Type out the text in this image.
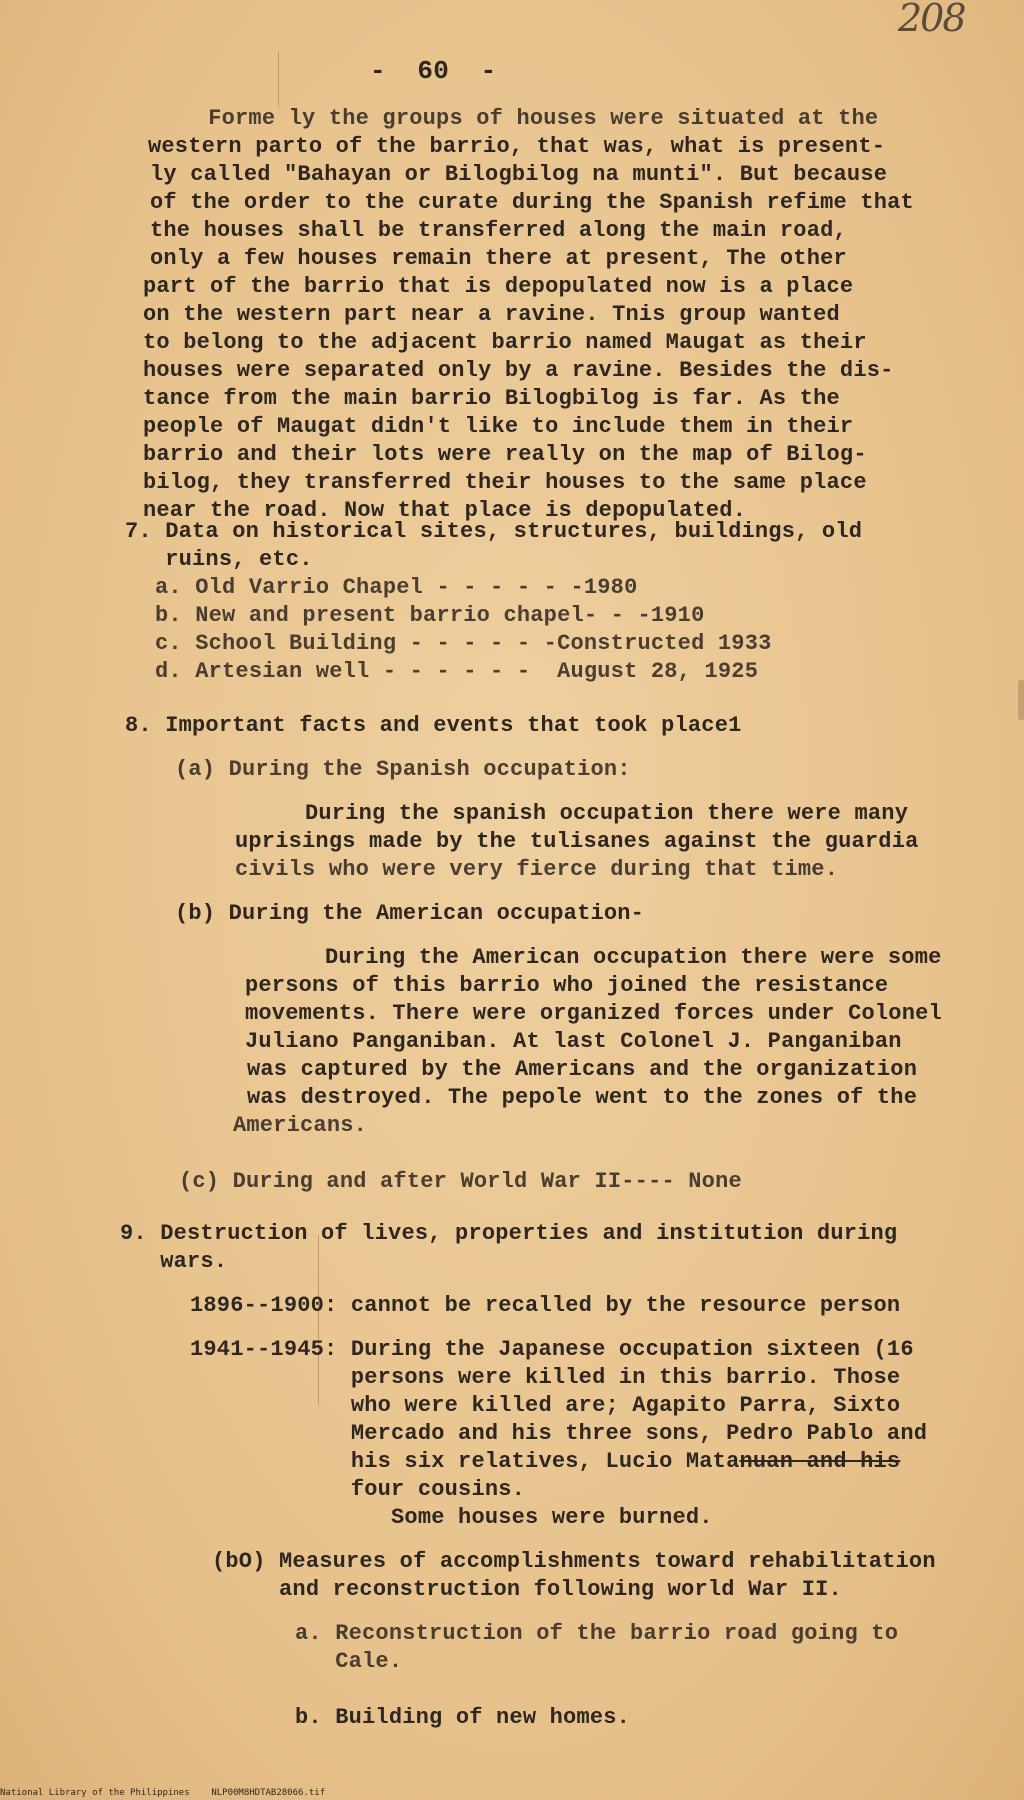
208
-  60  -
Forme ly the groups of houses were situated at the
western parto of the barrio, that was, what is present-
ly called "Bahayan or Bilogbilog na munti". But because
of the order to the curate during the Spanish refime that
the houses shall be transferred along the main road,
only a few houses remain there at present, The other
part of the barrio that is depopulated now is a place
on the western part near a ravine. Tnis group wanted
to belong to the adjacent barrio named Maugat as their
houses were separated only by a ravine. Besides the dis-
tance from the main barrio Bilogbilog is far. As the
people of Maugat didn't like to include them in their
barrio and their lots were really on the map of Bilog-
bilog, they transferred their houses to the same place
near the road. Now that place is depopulated.
7. Data on historical sites, structures, buildings, old
ruins, etc.
a. Old Varrio Chapel - - - - - -1980
b. New and present barrio chapel- - -1910
c. School Building - - - - - -Constructed 1933
d. Artesian well - - - - - -  August 28, 1925
8. Important facts and events that took place1
(a) During the Spanish occupation:
During the spanish occupation there were many
uprisings made by the tulisanes against the guardia
civils who were very fierce during that time.
(b) During the American occupation-
During the American occupation there were some
persons of this barrio who joined the resistance
movements. There were organized forces under Colonel
Juliano Panganiban. At last Colonel J. Panganiban
was captured by the Americans and the organization
was destroyed. The pepole went to the zones of the
Americans.
(c) During and after World War II---- None
9. Destruction of lives, properties and institution during
wars.
1896--1900: cannot be recalled by the resource person
1941--1945: During the Japanese occupation sixteen (16
persons were killed in this barrio. Those
who were killed are; Agapito Parra, Sixto
Mercado and his three sons, Pedro Pablo and
his six relatives, Lucio Matanuan and his
four cousins.
Some houses were burned.
(bO) Measures of accomplishments toward rehabilitation
and reconstruction following world War II.
a. Reconstruction of the barrio road going to
Cale.
b. Building of new homes.
National Library of the Philippines    NLP00M8HDTAB28066.tif
